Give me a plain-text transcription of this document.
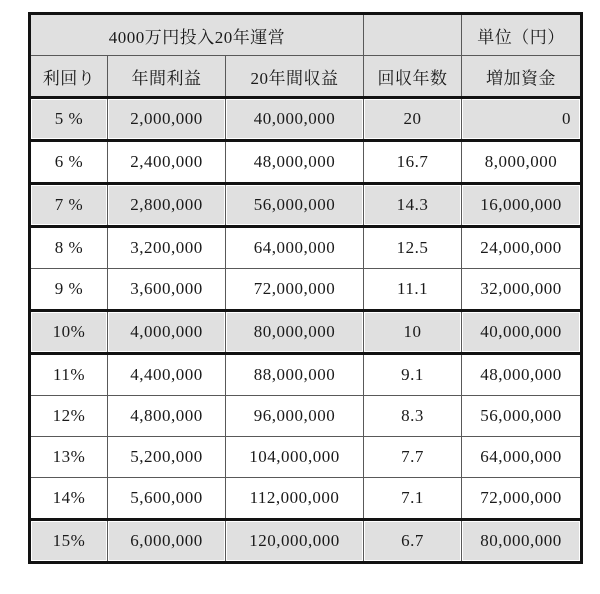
4000万円投入20年運営				単位（円）
利回り	年間利益	20年間収益	回収年数	増加資金
5 %	2,000,000	40,000,000	20	0
6 %	2,400,000	48,000,000	16.7	8,000,000
7 %	2,800,000	56,000,000	14.3	16,000,000
8 %	3,200,000	64,000,000	12.5	24,000,000
9 %	3,600,000	72,000,000	11.1	32,000,000
10%	4,000,000	80,000,000	10	40,000,000
11%	4,400,000	88,000,000	9.1	48,000,000
12%	4,800,000	96,000,000	8.3	56,000,000
13%	5,200,000	104,000,000	7.7	64,000,000
14%	5,600,000	112,000,000	7.1	72,000,000
15%	6,000,000	120,000,000	6.7	80,000,000
